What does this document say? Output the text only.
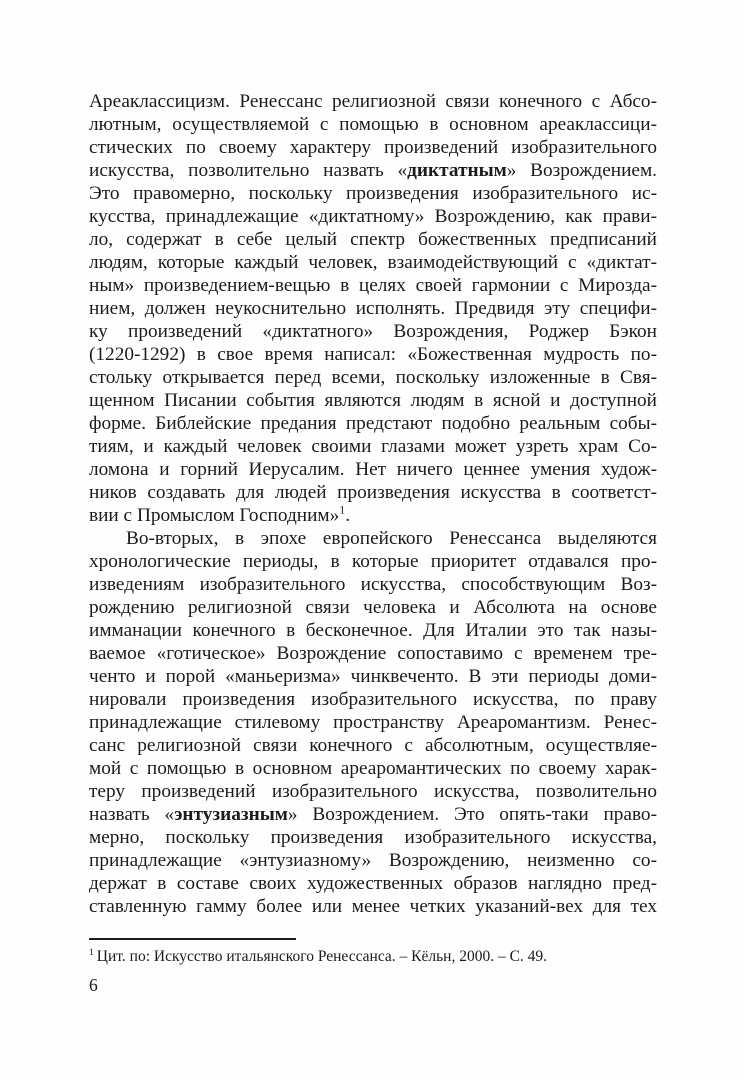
Ареаклассицизм. Ренессанс религиозной связи конечного с Абсо-
лютным, осуществляемой с помощью в основном ареаклассици-
стических по своему характеру произведений изобразительного
искусства, позволительно назвать «диктатным» Возрождением.
Это правомерно, поскольку произведения изобразительного ис-
кусства, принадлежащие «диктатному» Возрождению, как прави-
ло, содержат в себе целый спектр божественных предписаний
людям, которые каждый человек, взаимодействующий с «диктат-
ным» произведением-вещью в целях своей гармонии с Мирозда-
нием, должен неукоснительно исполнять. Предвидя эту специфи-
ку произведений «диктатного» Возрождения, Роджер Бэкон
(1220-1292) в свое время написал: «Божественная мудрость по-
стольку открывается перед всеми, поскольку изложенные в Свя-
щенном Писании события являются людям в ясной и доступной
форме. Библейские предания предстают подобно реальным собы-
тиям, и каждый человек своими глазами может узреть храм Со-
ломона и горний Иерусалим. Нет ничего ценнее умения худож-
ников создавать для людей произведения искусства в соответст-
вии с Промыслом Господним»$^1$.
Во-вторых, в эпохе европейского Ренессанса выделяются
хронологические периоды, в которые приоритет отдавался про-
изведениям изобразительного искусства, способствующим Воз-
рождению религиозной связи человека и Абсолюта на основе
имманации конечного в бесконечное. Для Италии это так назы-
ваемое «готическое» Возрождение сопоставимо с временем тре-
ченто и порой «маньеризма» чинквеченто. В эти периоды доми-
нировали произведения изобразительного искусства, по праву
принадлежащие стилевому пространству Ареаромантизм. Ренес-
санс религиозной связи конечного с абсолютным, осуществляе-
мой с помощью в основном ареаромантических по своему харак-
теру произведений изобразительного искусства, позволительно
назвать «энтузиазным» Возрождением. Это опять-таки право-
мерно, поскольку произведения изобразительного искусства,
принадлежащие «энтузиазному» Возрождению, неизменно со-
держат в составе своих художественных образов наглядно пред-
ставленную гамму более или менее четких указаний-вех для тех
$^1$ Цит. по: Искусство итальянского Ренессанса. – Кёльн, 2000. – С. 49.
6
